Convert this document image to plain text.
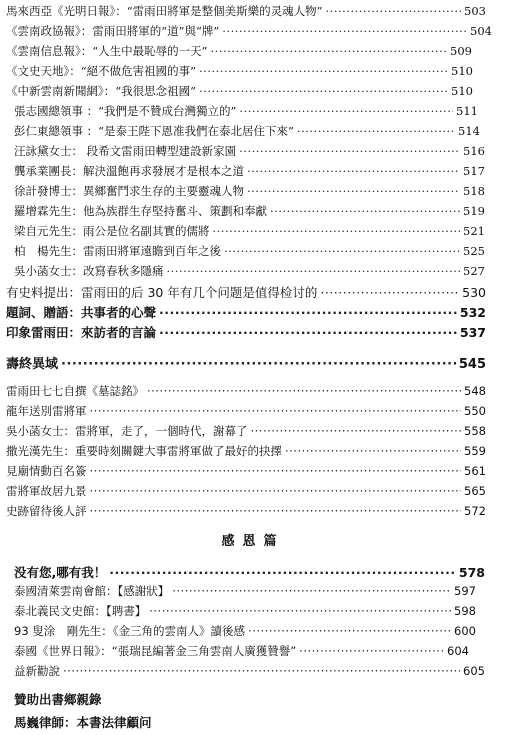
馬來西亞《光明日報》：“雷雨田將軍是整個美斯樂的灵魂人物” ·····	503
《雲南政協報》：雷雨田將軍的“道”與“牌” ·····	504
《雲南信息報》：“人生中最恥辱的一天” ·····	509
《文史天地》：“絕不做危害祖國的事” ·····	510
《中新雲南新聞網》：“我很思念祖國” ·····	510
張志國總領事 ：“我們是不贊成台灣獨立的” ·····	511
彭仁東總領事 ：“是泰王陛下恩准我們在泰北居住下來” ·····	514
汪詠黛女士： 段希文雷雨田轉型建設新家園 ·····	516
龔承業團長：解決溫飽再求發展才是根本之道 ·····	517
徐計發博士：異鄉奮鬥求生存的主要靈魂人物 ·····	518
羅增霖先生：他為族群生存堅持奮斗、策劃和奉獻 ·····	519
梁自元先生：雨公是位名副其實的儒將 ·····	521
柏　楊先生：雷雨田將軍遠瞻到百年之後 ·····	525
吳小菡女士：改寫春秋多隱痛 ·····	527
有史料提出：雷雨田的后 30 年有几个问题是值得检讨的 ·····	530
題詞、贈語：共事者的心聲 ·····	532
印象雷雨田：來訪者的言論 ·····	537
壽終異域 ·····	545
雷雨田七七自撰《墓誌銘》 ·····	548
龍年送別雷將軍 ·····	550
吳小菡女士：雷將軍，走了，一個時代，謝幕了 ·····	558
撒光漢先生：重要時刻關鍵大事雷將軍做了最好的抉擇 ·····	559
見廟情動百名簽 ·····	561
雷將軍故居九景 ·····	565
史跡留待後人評 ·····	572
感恩篇
没有您,哪有我！ ·····	578
泰國清萊雲南會館：【感謝狀】 ·····	597
泰北義民文史館：【聘書】 ·····	598
93 叟涂　剛先生：《金三角的雲南人》讀後感 ·····	600
泰國《世界日報》：“張瑞昆編著金三角雲南人廣獲贊譽” ·····	604
益新勸說 ·····	605
贊助出書鄉親錄
馬巍律師：本書法律顧问
